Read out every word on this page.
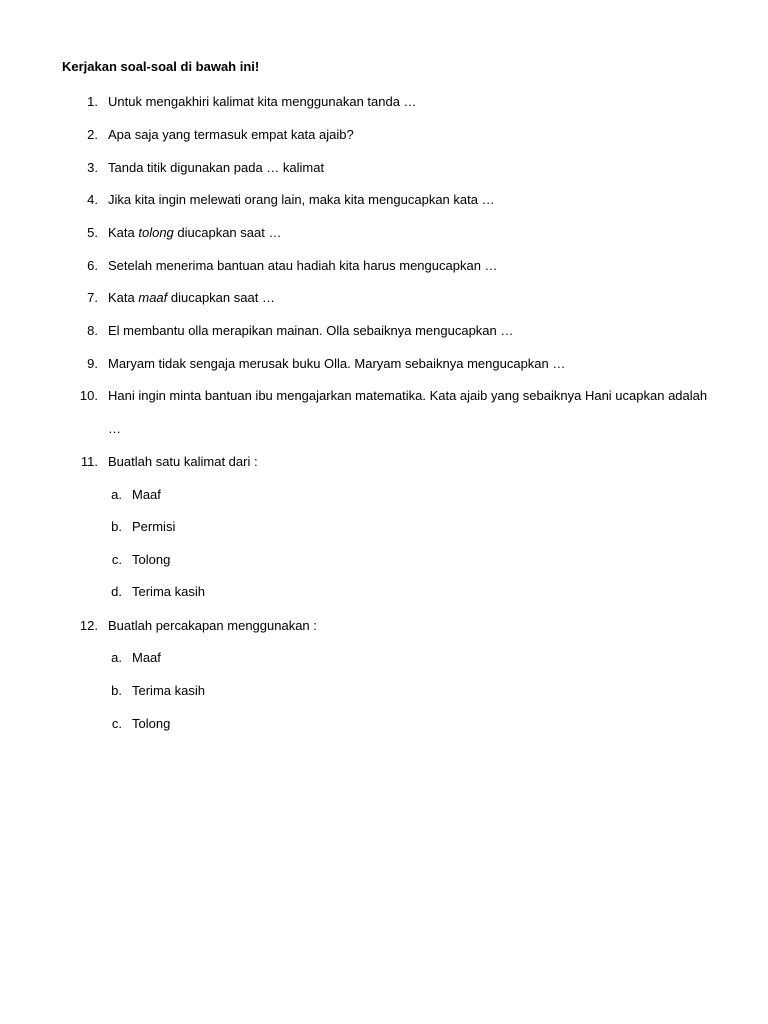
Kerjakan soal-soal di bawah ini!
1. Untuk mengakhiri kalimat kita menggunakan tanda …
2. Apa saja yang termasuk empat kata ajaib?
3. Tanda titik digunakan pada … kalimat
4. Jika kita ingin melewati orang lain, maka kita mengucapkan kata …
5. Kata tolong diucapkan saat …
6. Setelah menerima bantuan atau hadiah kita harus mengucapkan …
7. Kata maaf diucapkan saat …
8. El membantu olla merapikan mainan. Olla sebaiknya mengucapkan …
9. Maryam tidak sengaja merusak buku Olla. Maryam sebaiknya mengucapkan …
10. Hani ingin minta bantuan ibu mengajarkan matematika. Kata ajaib yang sebaiknya Hani ucapkan adalah
…
11. Buatlah satu kalimat dari :
a. Maaf
b. Permisi
c. Tolong
d. Terima kasih
12. Buatlah percakapan menggunakan :
a. Maaf
b. Terima kasih
c. Tolong
